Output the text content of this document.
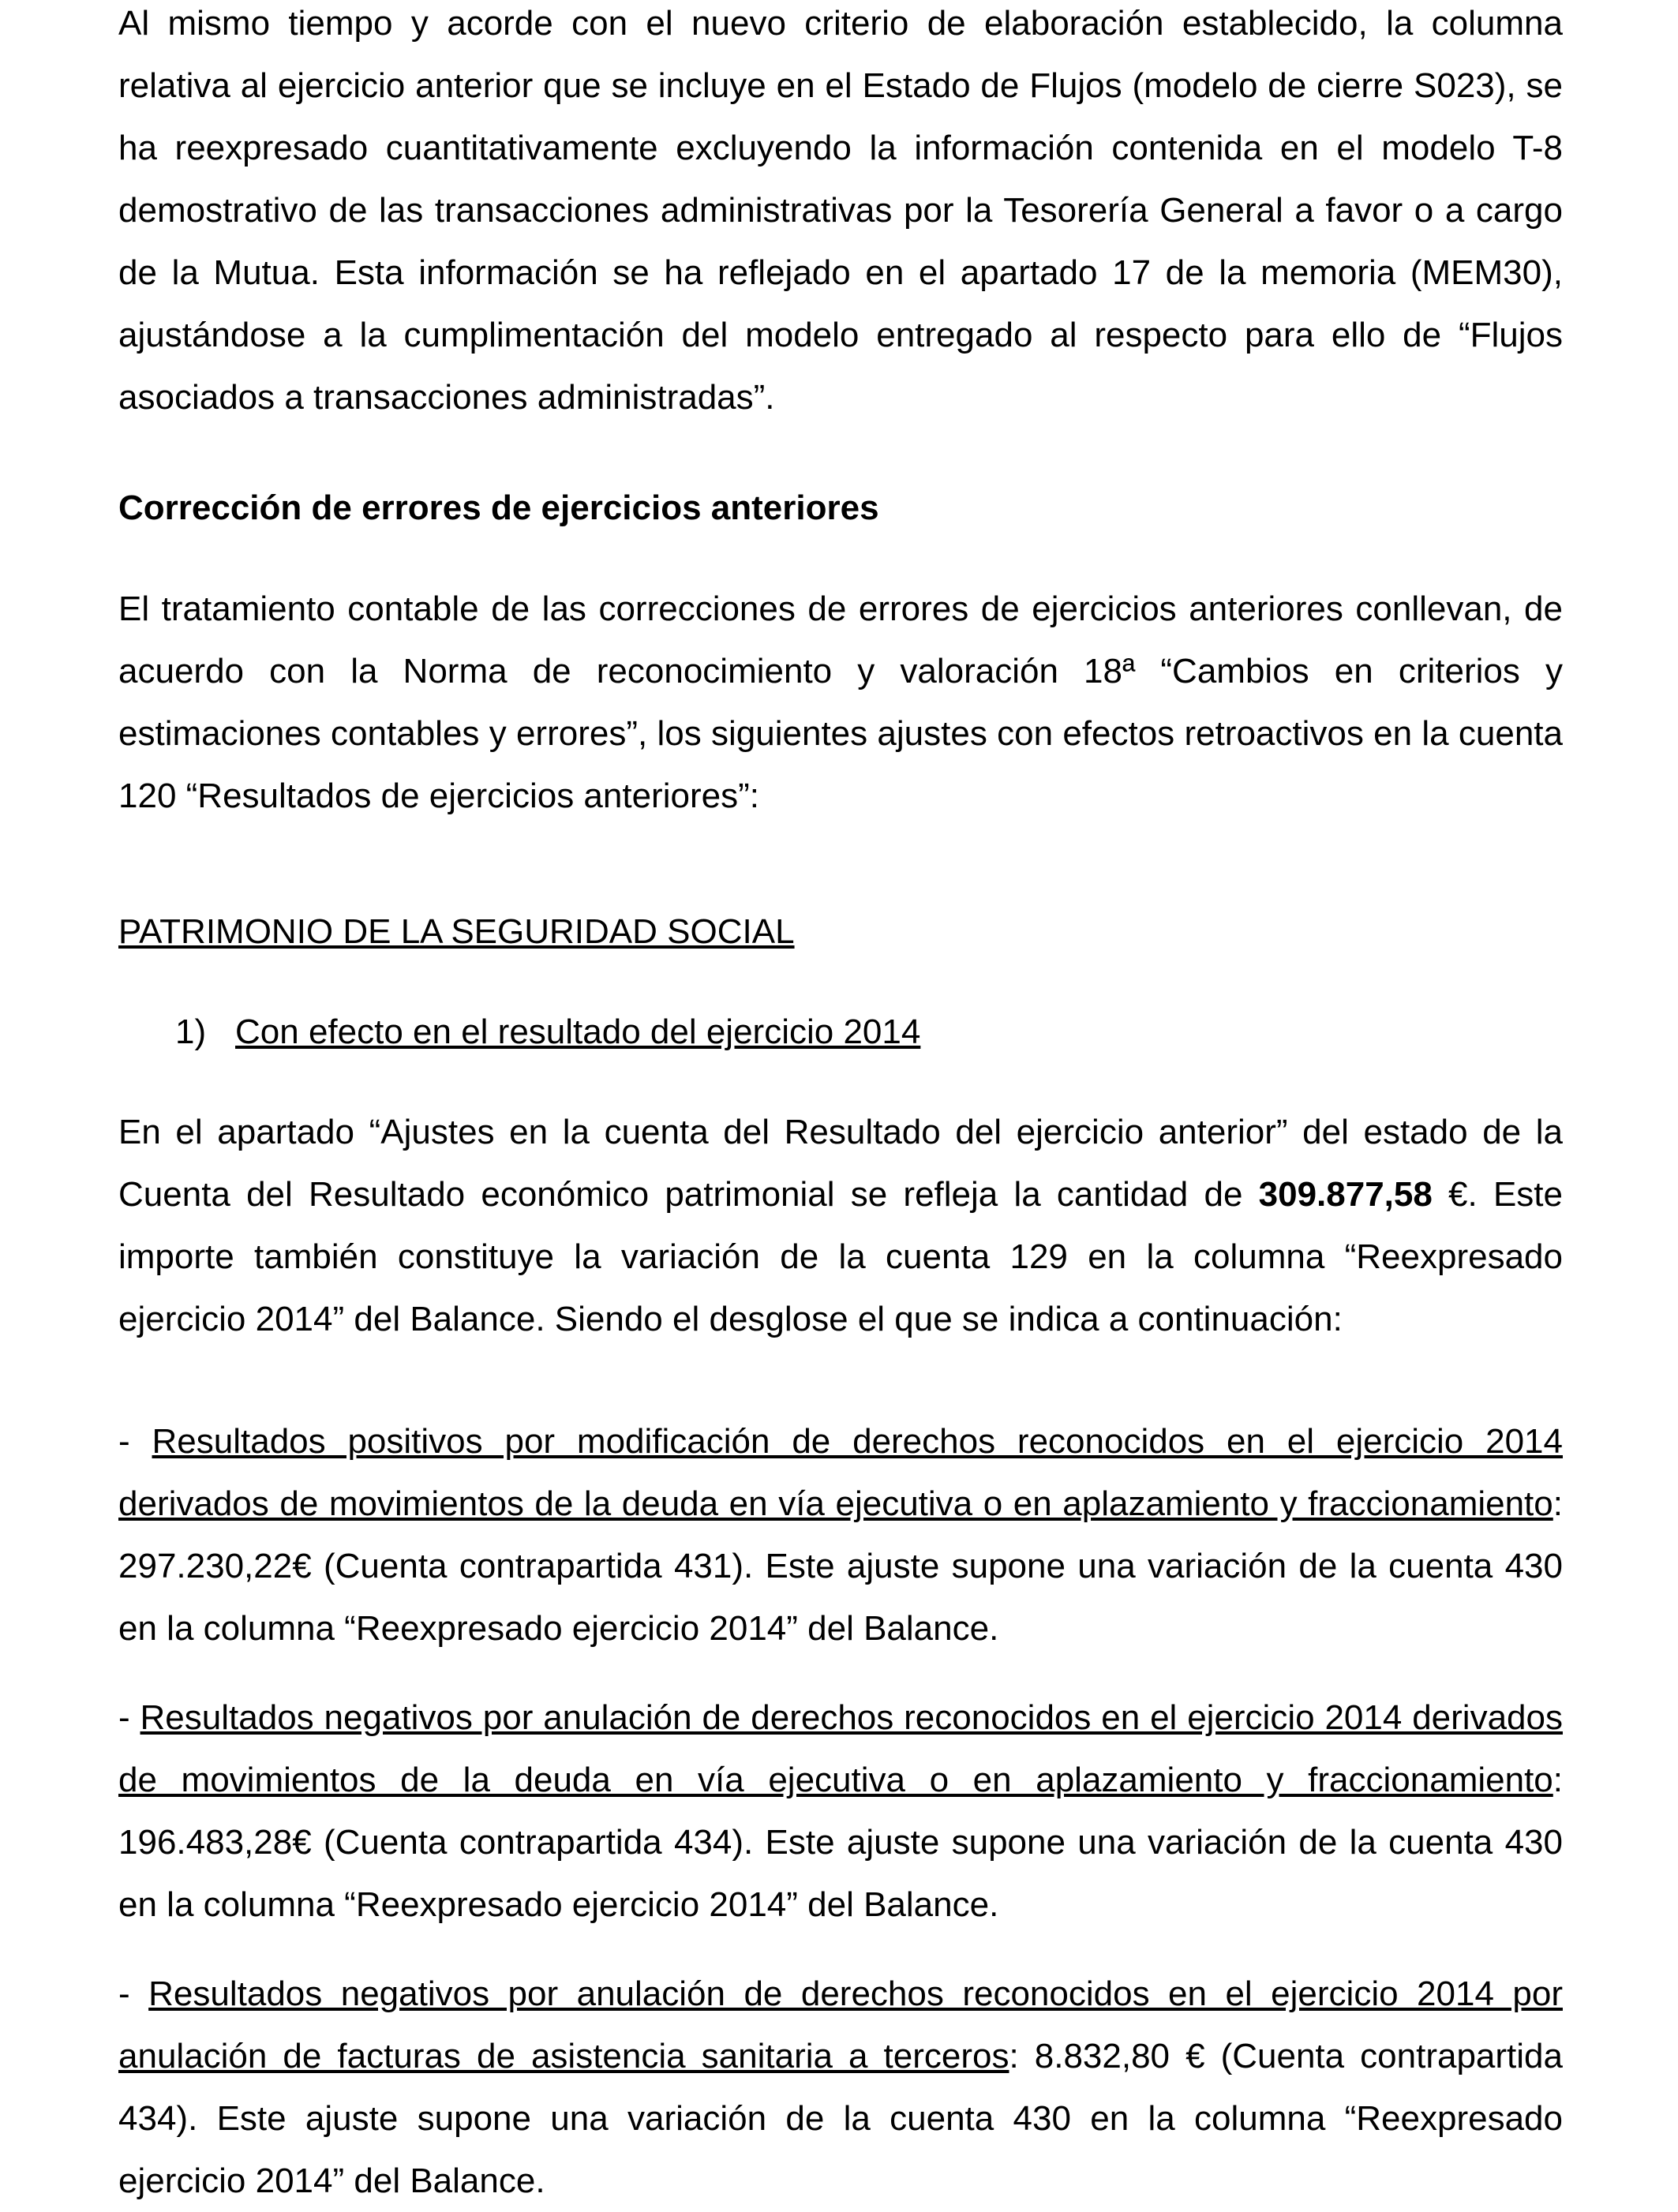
Al mismo tiempo y acorde con el nuevo criterio de elaboración establecido, la columna relativa al ejercicio anterior que se incluye en el Estado de Flujos (modelo de cierre S023), se ha reexpresado cuantitativamente excluyendo la información contenida en el modelo T-8 demostrativo de las transacciones administrativas por la Tesorería General a favor o a cargo de la Mutua. Esta información se ha reflejado en el apartado 17 de la memoria (MEM30), ajustándose a la cumplimentación del modelo entregado al respecto para ello de “Flujos asociados a transacciones administradas”.

Corrección de errores de ejercicios anteriores

El tratamiento contable de las correcciones de errores de ejercicios anteriores conllevan, de acuerdo con la Norma de reconocimiento y valoración 18ª “Cambios en criterios y estimaciones contables y errores”, los siguientes ajustes con efectos retroactivos en la cuenta 120 “Resultados de ejercicios anteriores”:

PATRIMONIO DE LA SEGURIDAD SOCIAL

1) Con efecto en el resultado del ejercicio 2014

En el apartado “Ajustes en la cuenta del Resultado del ejercicio anterior” del estado de la Cuenta del Resultado económico patrimonial se refleja la cantidad de 309.877,58 €. Este importe también constituye la variación de la cuenta 129 en la columna “Reexpresado ejercicio 2014” del Balance. Siendo el desglose el que se indica a continuación:

- Resultados positivos por modificación de derechos reconocidos en el ejercicio 2014 derivados de movimientos de la deuda en vía ejecutiva o en aplazamiento y fraccionamiento: 297.230,22€ (Cuenta contrapartida 431). Este ajuste supone una variación de la cuenta 430 en la columna “Reexpresado ejercicio 2014” del Balance.

- Resultados negativos por anulación de derechos reconocidos en el ejercicio 2014 derivados de movimientos de la deuda en vía ejecutiva o en aplazamiento y fraccionamiento: 196.483,28€ (Cuenta contrapartida 434). Este ajuste supone una variación de la cuenta 430 en la columna “Reexpresado ejercicio 2014” del Balance.

- Resultados negativos por anulación de derechos reconocidos en el ejercicio 2014 por anulación de facturas de asistencia sanitaria a terceros: 8.832,80 € (Cuenta contrapartida 434). Este ajuste supone una variación de la cuenta 430 en la columna “Reexpresado ejercicio 2014” del Balance.
